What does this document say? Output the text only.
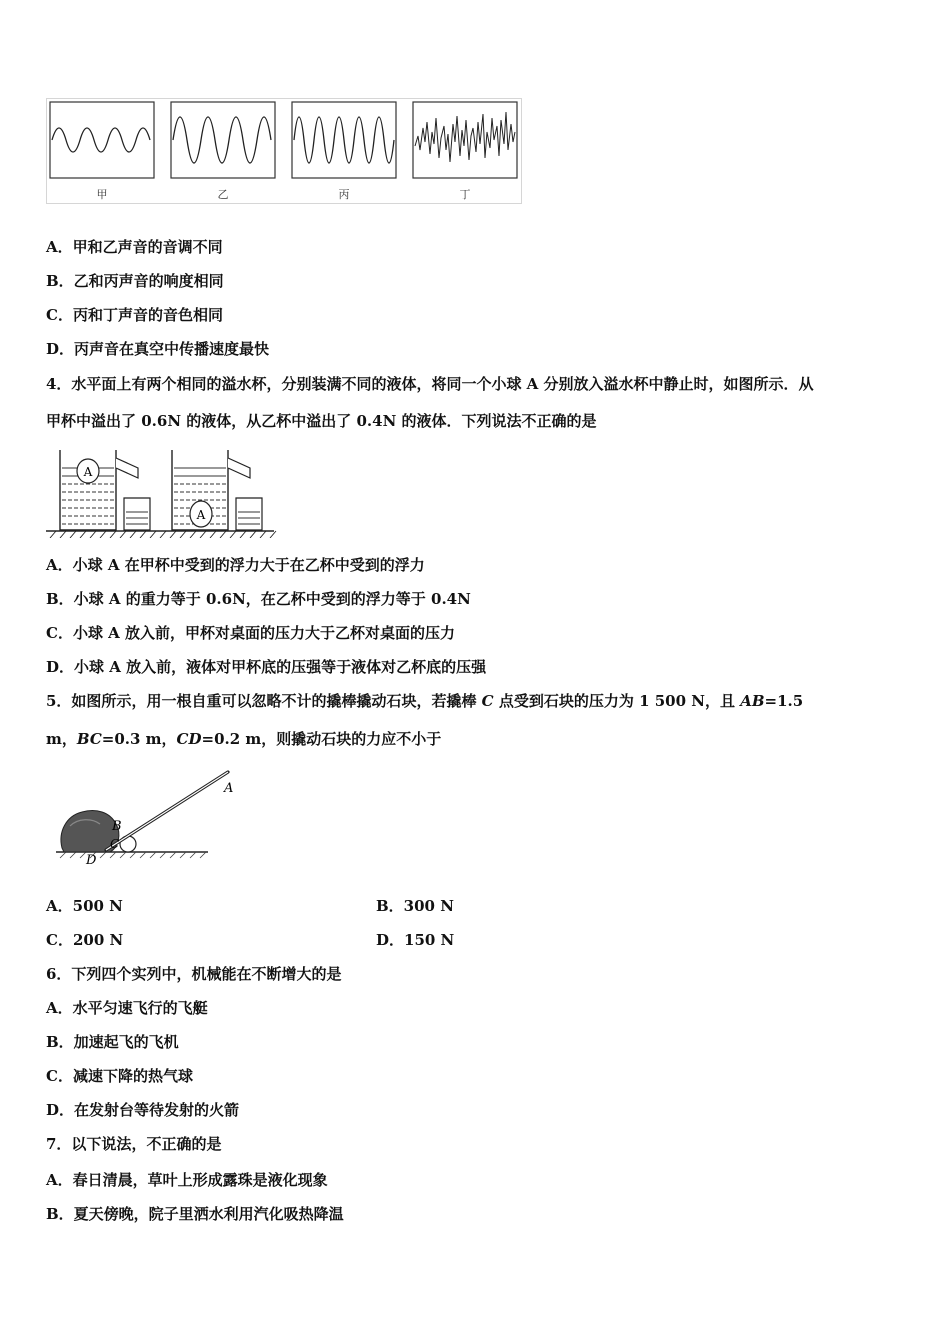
甲	乙	丙	丁
A．甲和乙声音的音调不同
B．乙和丙声音的响度相同
C．丙和丁声音的音色相同
D．丙声音在真空中传播速度最快
4．水平面上有两个相同的溢水杯，分别装满不同的液体，将同一个小球 A 分别放入溢水杯中静止时，如图所示．从
甲杯中溢出了 0.6N 的液体，从乙杯中溢出了 0.4N 的液体．下列说法不正确的是
A
A
A．小球 A 在甲杯中受到的浮力大于在乙杯中受到的浮力
B．小球 A 的重力等于 0.6N，在乙杯中受到的浮力等于 0.4N
C．小球 A 放入前，甲杯对桌面的压力大于乙杯对桌面的压力
D．小球 A 放入前，液体对甲杯底的压强等于液体对乙杯底的压强
5．如图所示，用一根自重可以忽略不计的撬棒撬动石块，若撬棒 C 点受到石块的压力为 1 500 N，且 AB=1.5
m，BC=0.3 m，CD=0.2 m，则撬动石块的力应不小于
A
B
C
D
A．500 N	B．300 N
C．200 N	D．150 N
6．下列四个实列中，机械能在不断增大的是
A．水平匀速飞行的飞艇
B．加速起飞的飞机
C．减速下降的热气球
D．在发射台等待发射的火箭
7．以下说法，不正确的是
A．春日清晨，草叶上形成露珠是液化现象
B．夏天傍晚，院子里洒水利用汽化吸热降温
